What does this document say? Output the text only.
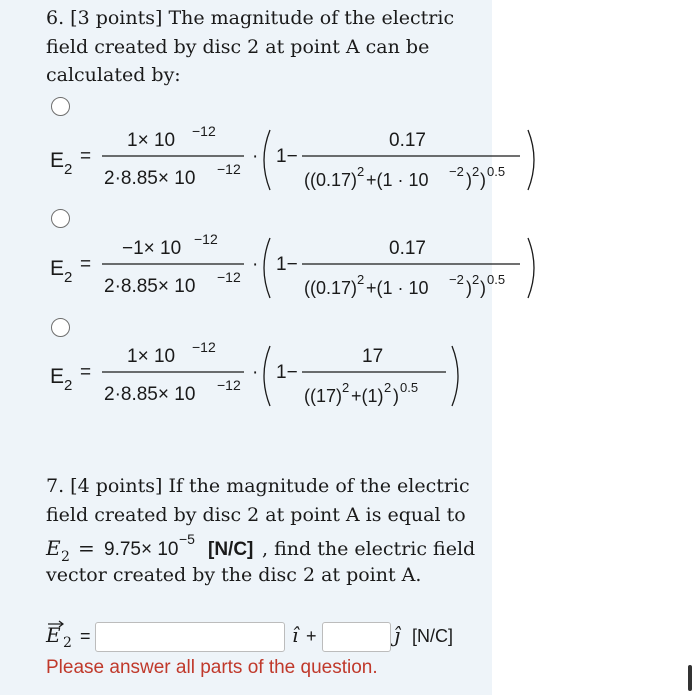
6. [3 points] The magnitude of the electric field created by disc 2 at point A can be calculated by:
E 2
=
1× 10 −12
2·8.85× 10 −12
· 1−
0.17
((0.17) 2 +(1 · 10 −2 ) 2 ) 0.5
E 2
=
−1× 10 −12
2·8.85× 10 −12
· 1−
0.17
((0.17) 2 +(1 · 10 −2 ) 2 ) 0.5
E 2
=
1× 10 −12
2·8.85× 10 −12
· 1−
17
((17) 2 +(1) 2 ) 0.5
E 2 = 9.75× 10 −5 [N/C] , find the electric field
E 2 =	î +	ĵ [N/C]
7. [4 points] If the magnitude of the electric field created by disc 2 at point A is equal to
vector created by the disc 2 at point A.
Please answer all parts of the question.
